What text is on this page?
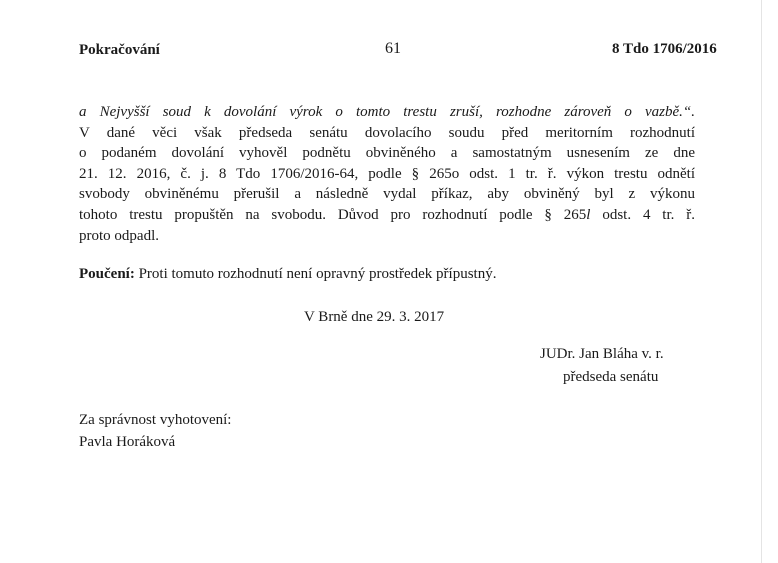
Pokračování	61	8 Tdo 1706/2016
a Nejvyšší soud k dovolání výrok o tomto trestu zruší, rozhodne zároveň o vazbě.“.
V dané věci však předseda senátu dovolacího soudu před meritorním rozhodnutí
o podaném dovolání vyhověl podnětu obviněného a samostatným usnesením ze dne
21. 12. 2016, č. j. 8 Tdo 1706/2016-64, podle § 265o odst. 1 tr. ř. výkon trestu odnětí
svobody obviněnému přerušil a následně vydal příkaz, aby obviněný byl z výkonu
tohoto trestu propuštěn na svobodu. Důvod pro rozhodnutí podle § 265l odst. 4 tr. ř.
proto odpadl.
Poučení: Proti tomuto rozhodnutí není opravný prostředek přípustný.
V Brně dne 29. 3. 2017
JUDr. Jan Bláha v. r.
předseda senátu
Za správnost vyhotovení:
Pavla Horáková
